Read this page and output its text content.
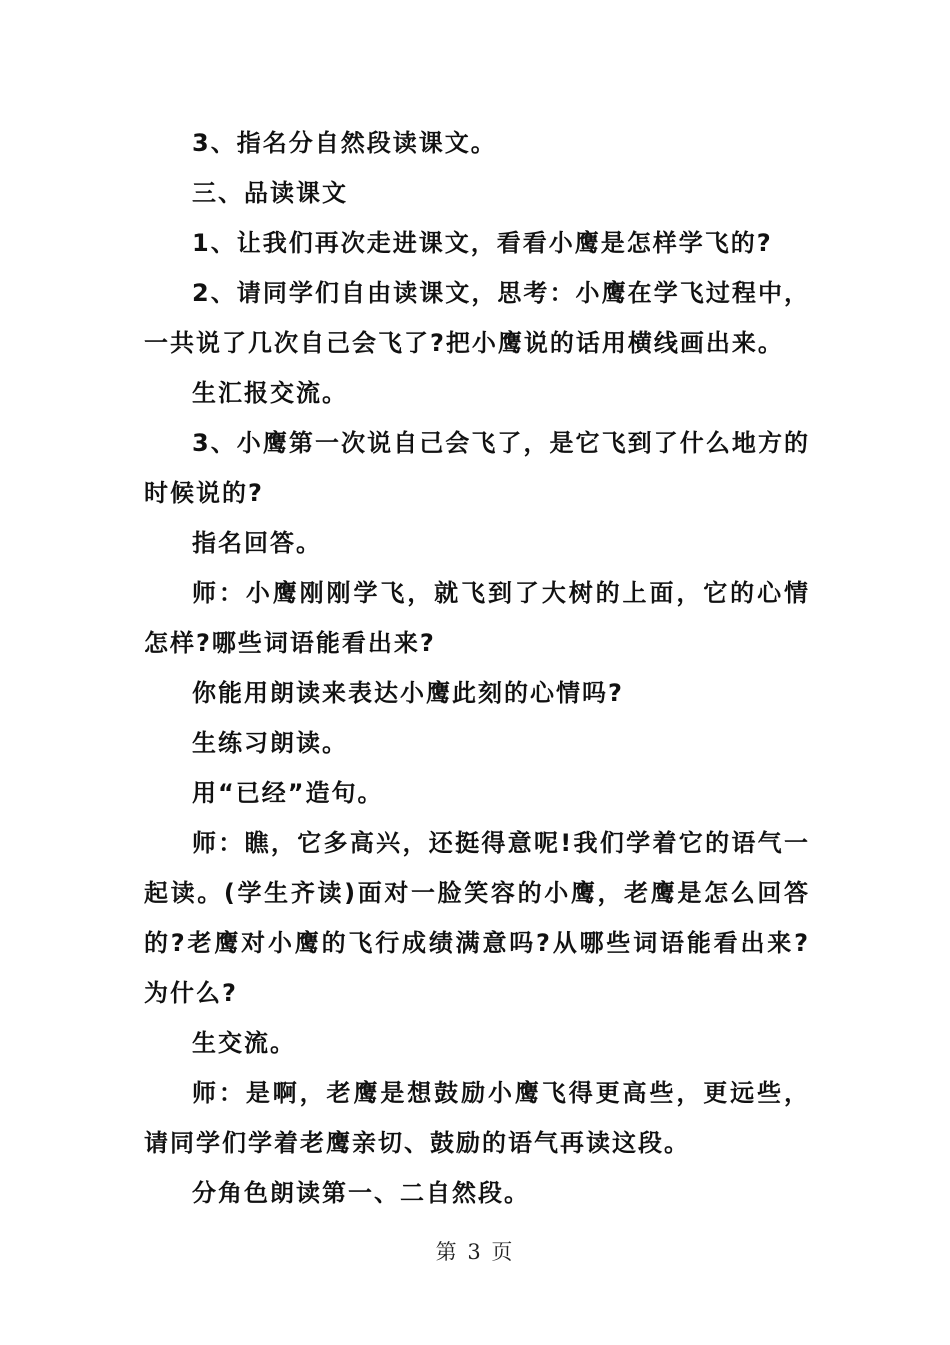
3、指名分自然段读课文。

三、品读课文

1、让我们再次走进课文，看看小鹰是怎样学飞的?

2、请同学们自由读课文，思考：小鹰在学飞过程中，一共说了几次自己会飞了?把小鹰说的话用横线画出来。

生汇报交流。

3、小鹰第一次说自己会飞了，是它飞到了什么地方的时候说的?

指名回答。

师：小鹰刚刚学飞，就飞到了大树的上面，它的心情怎样?哪些词语能看出来?

你能用朗读来表达小鹰此刻的心情吗?

生练习朗读。

用“已经”造句。

师：瞧，它多高兴，还挺得意呢!我们学着它的语气一起读。(学生齐读)面对一脸笑容的小鹰，老鹰是怎么回答的?老鹰对小鹰的飞行成绩满意吗?从哪些词语能看出来?为什么?

生交流。

师：是啊，老鹰是想鼓励小鹰飞得更高些，更远些，请同学们学着老鹰亲切、鼓励的语气再读这段。

分角色朗读第一、二自然段。

第 3 页
